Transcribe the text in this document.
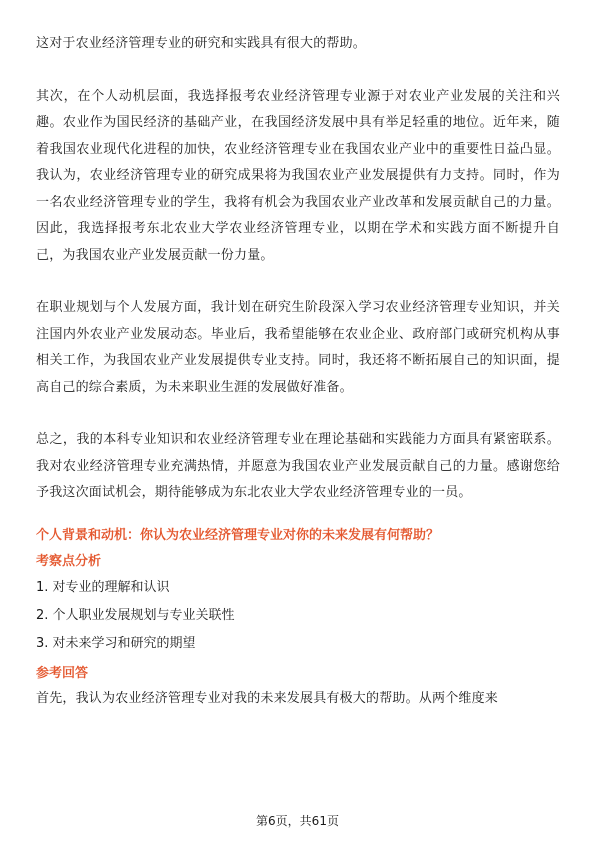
这对于农业经济管理专业的研究和实践具有很大的帮助。

其次，在个人动机层面，我选择报考农业经济管理专业源于对农业产业发展的关注和兴趣。农业作为国民经济的基础产业，在我国经济发展中具有举足轻重的地位。近年来，随着我国农业现代化进程的加快，农业经济管理专业在我国农业产业中的重要性日益凸显。我认为，农业经济管理专业的研究成果将为我国农业产业发展提供有力支持。同时，作为一名农业经济管理专业的学生，我将有机会为我国农业产业改革和发展贡献自己的力量。因此，我选择报考东北农业大学农业经济管理专业，以期在学术和实践方面不断提升自己，为我国农业产业发展贡献一份力量。

在职业规划与个人发展方面，我计划在研究生阶段深入学习农业经济管理专业知识，并关注国内外农业产业发展动态。毕业后，我希望能够在农业企业、政府部门或研究机构从事相关工作，为我国农业产业发展提供专业支持。同时，我还将不断拓展自己的知识面，提高自己的综合素质，为未来职业生涯的发展做好准备。

总之，我的本科专业知识和农业经济管理专业在理论基础和实践能力方面具有紧密联系。我对农业经济管理专业充满热情，并愿意为我国农业产业发展贡献自己的力量。感谢您给予我这次面试机会，期待能够成为东北农业大学农业经济管理专业的一员。

个人背景和动机：你认为农业经济管理专业对你的未来发展有何帮助？

考察点分析

1. 对专业的理解和认识

2. 个人职业发展规划与专业关联性

3. 对未来学习和研究的期望

参考回答

首先，我认为农业经济管理专业对我的未来发展具有极大的帮助。从两个维度来

第6页，共61页
